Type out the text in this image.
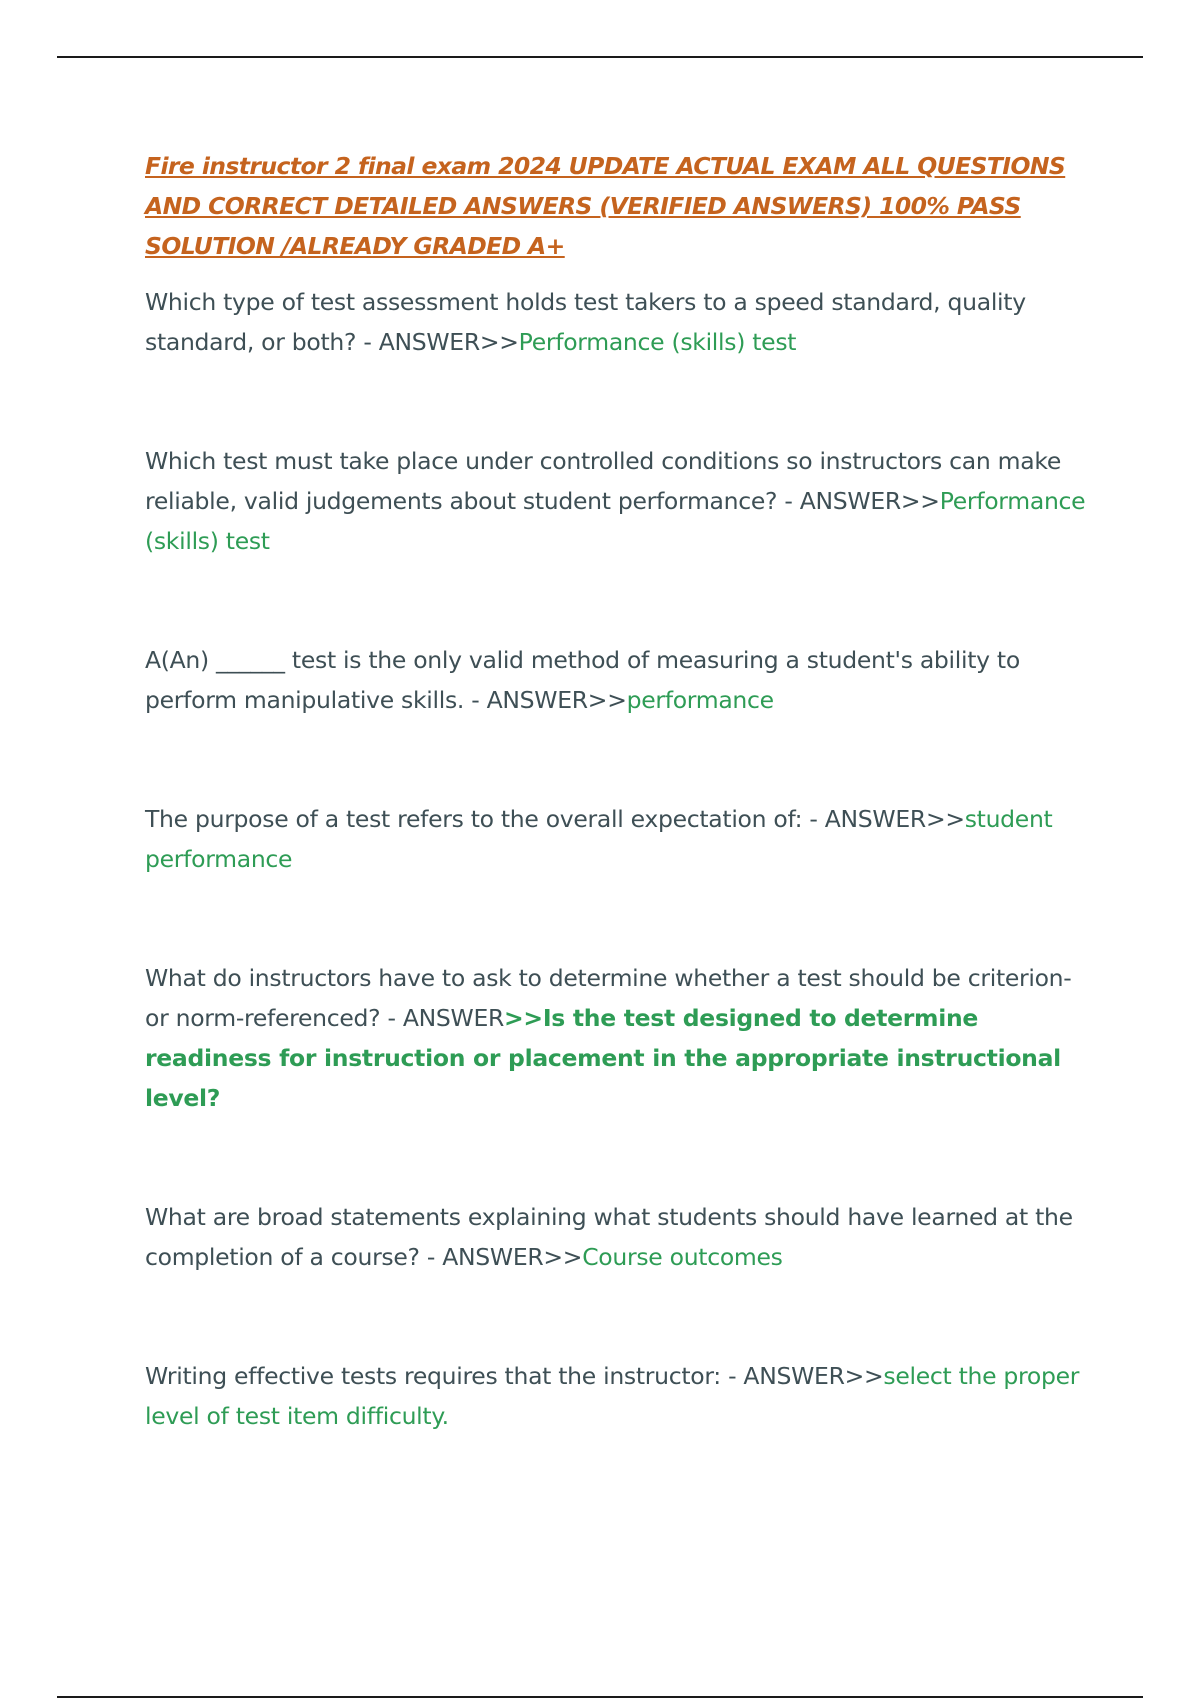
Fire instructor 2 final exam 2024 UPDATE ACTUAL EXAM ALL QUESTIONS AND CORRECT DETAILED ANSWERS (VERIFIED ANSWERS) 100% PASS SOLUTION /ALREADY GRADED A+

Which type of test assessment holds test takers to a speed standard, quality standard, or both? - ANSWER>>Performance (skills) test

Which test must take place under controlled conditions so instructors can make reliable, valid judgements about student performance? - ANSWER>>Performance (skills) test

A(An) ______ test is the only valid method of measuring a student's ability to perform manipulative skills. - ANSWER>>performance

The purpose of a test refers to the overall expectation of: - ANSWER>>student performance

What do instructors have to ask to determine whether a test should be criterion- or norm-referenced? - ANSWER>>Is the test designed to determine readiness for instruction or placement in the appropriate instructional level?

What are broad statements explaining what students should have learned at the completion of a course? - ANSWER>>Course outcomes

Writing effective tests requires that the instructor: - ANSWER>>select the proper level of test item difficulty.
